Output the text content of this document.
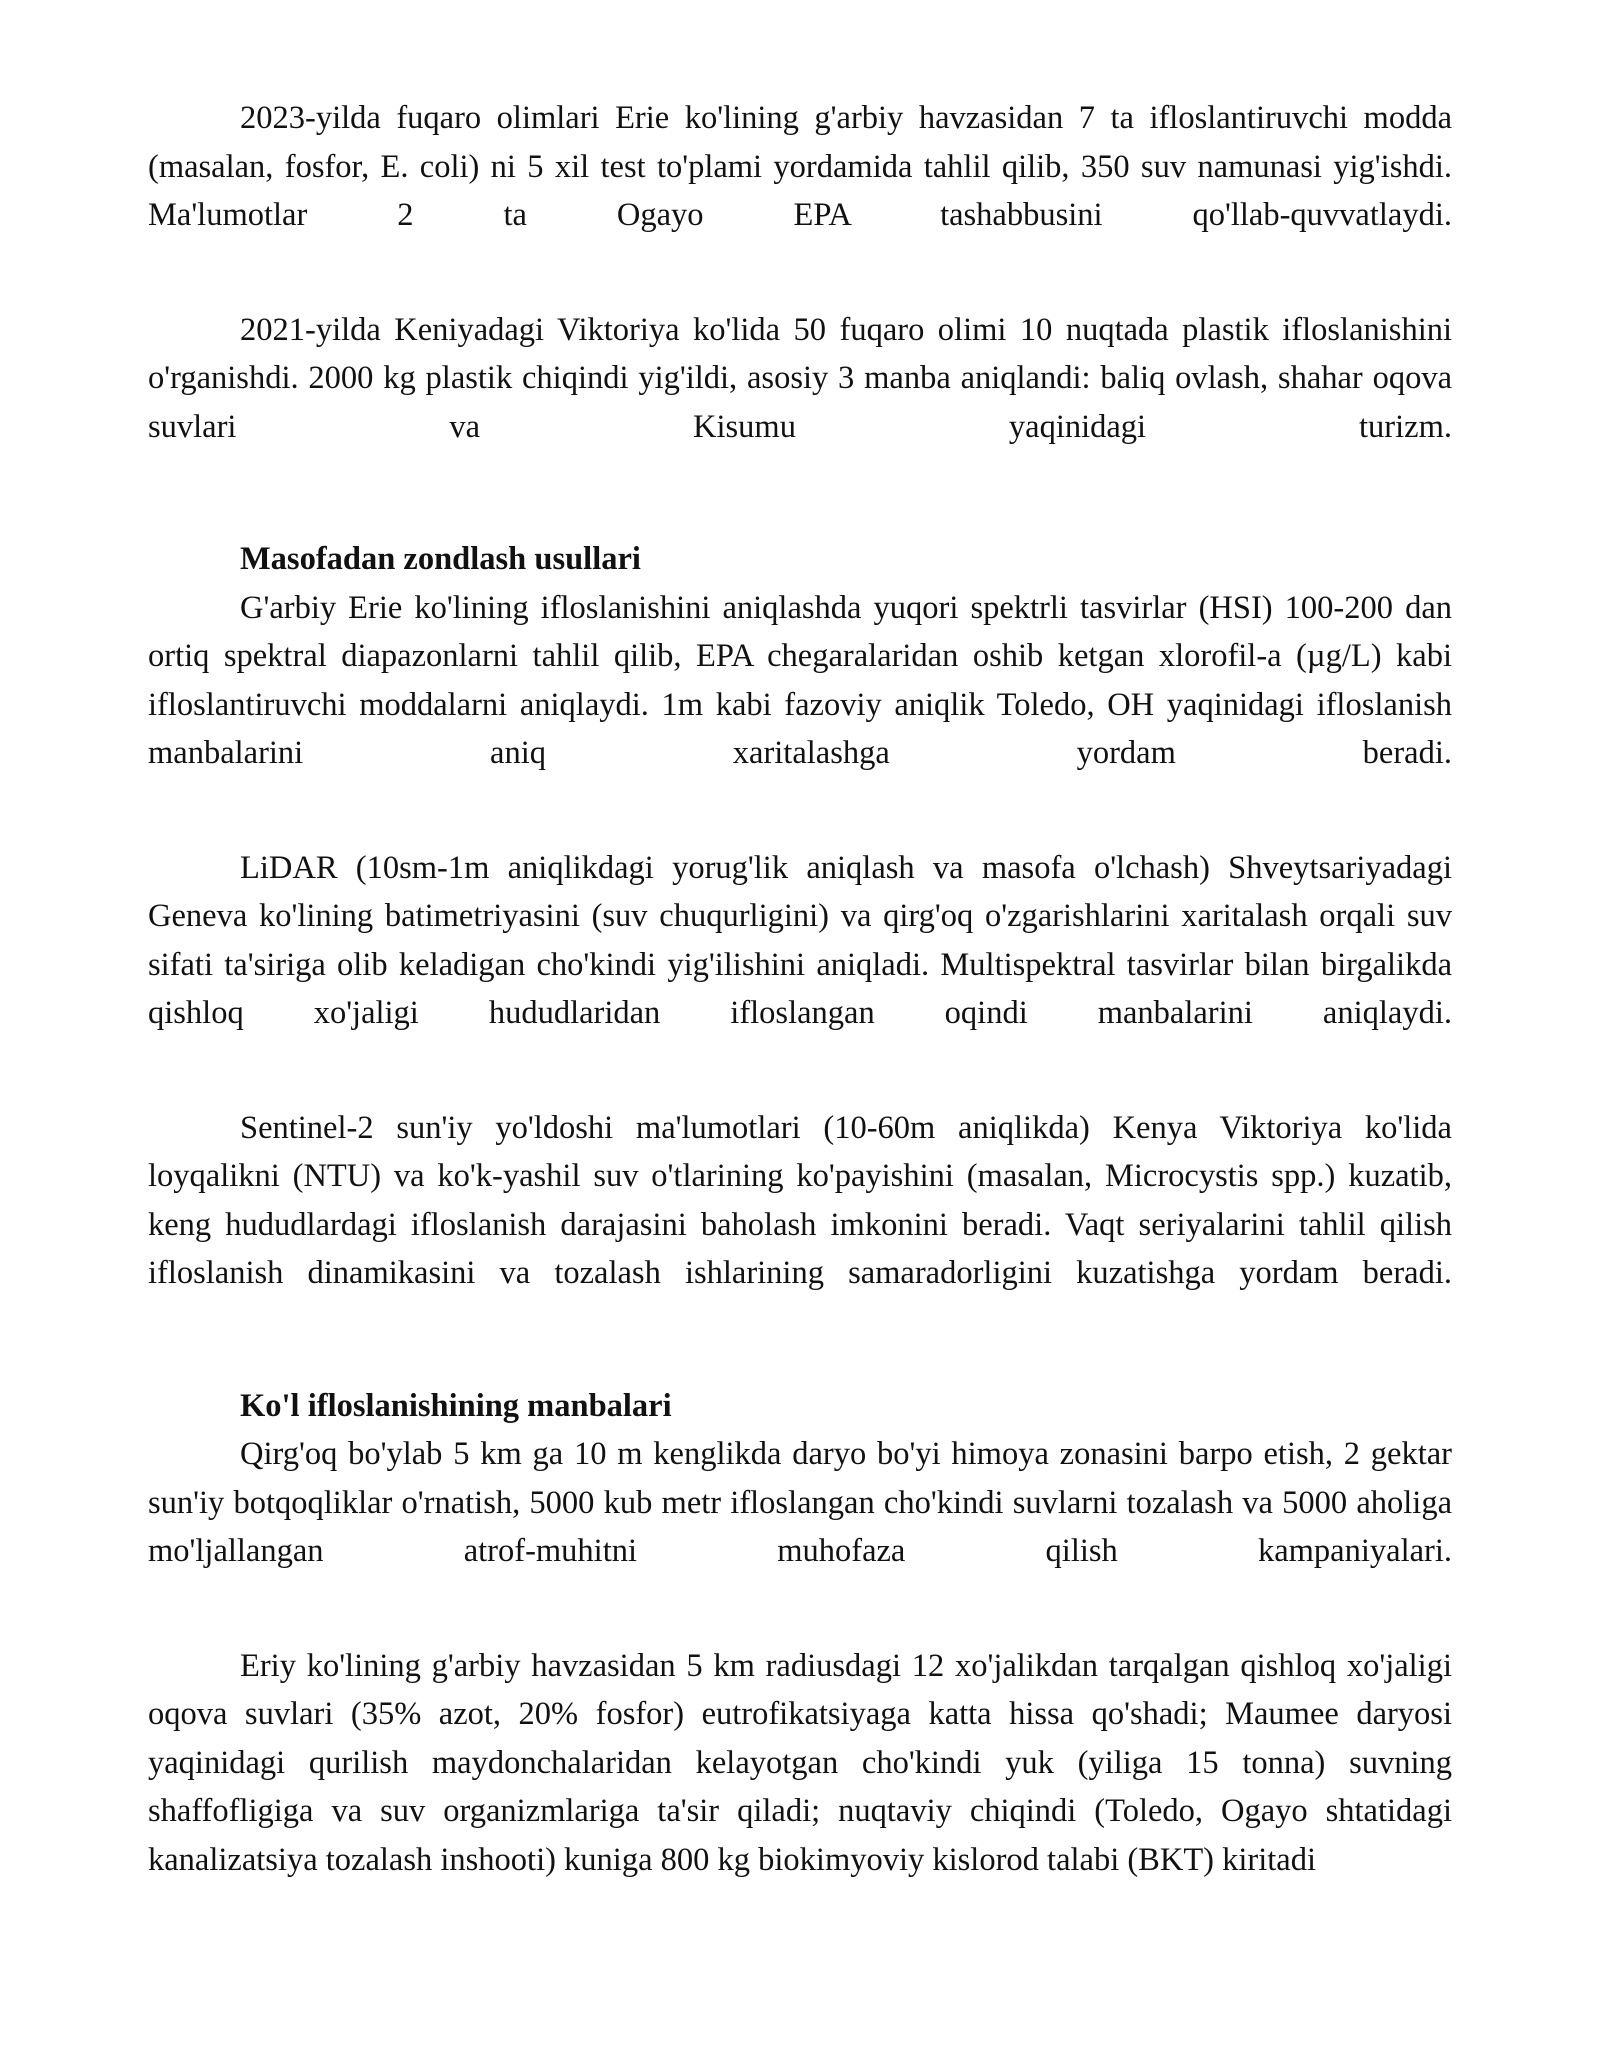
2023-yilda fuqaro olimlari Erie ko'lining g'arbiy havzasidan 7 ta ifloslantiruvchi modda (masalan, fosfor, E. coli) ni 5 xil test to'plami yordamida tahlil qilib, 350 suv namunasi yig'ishdi. Ma'lumotlar 2 ta Ogayo EPA tashabbusini qo'llab-quvvatlaydi.

2021-yilda Keniyadagi Viktoriya ko'lida 50 fuqaro olimi 10 nuqtada plastik ifloslanishini o'rganishdi. 2000 kg plastik chiqindi yig'ildi, asosiy 3 manba aniqlandi: baliq ovlash, shahar oqova suvlari va Kisumu yaqinidagi turizm.

Masofadan zondlash usullari

G'arbiy Erie ko'lining ifloslanishini aniqlashda yuqori spektrli tasvirlar (HSI) 100-200 dan ortiq spektral diapazonlarni tahlil qilib, EPA chegaralaridan oshib ketgan xlorofil-a (µg/L) kabi ifloslantiruvchi moddalarni aniqlaydi. 1m kabi fazoviy aniqlik Toledo, OH yaqinidagi ifloslanish manbalarini aniq xaritalashga yordam beradi.

LiDAR (10sm-1m aniqlikdagi yorug'lik aniqlash va masofa o'lchash) Shveytsariyadagi Geneva ko'lining batimetriyasini (suv chuqurligini) va qirg'oq o'zgarishlarini xaritalash orqali suv sifati ta'siriga olib keladigan cho'kindi yig'ilishini aniqladi. Multispektral tasvirlar bilan birgalikda qishloq xo'jaligi hududlaridan ifloslangan oqindi manbalarini aniqlaydi.

Sentinel-2 sun'iy yo'ldoshi ma'lumotlari (10-60m aniqlikda) Kenya Viktoriya ko'lida loyqalikni (NTU) va ko'k-yashil suv o'tlarining ko'payishini (masalan, Microcystis spp.) kuzatib, keng hududlardagi ifloslanish darajasini baholash imkonini beradi. Vaqt seriyalarini tahlil qilish ifloslanish dinamikasini va tozalash ishlarining samaradorligini kuzatishga yordam beradi.

Ko'l ifloslanishining manbalari

Qirg'oq bo'ylab 5 km ga 10 m kenglikda daryo bo'yi himoya zonasini barpo etish, 2 gektar sun'iy botqoqliklar o'rnatish, 5000 kub metr ifloslangan cho'kindi suvlarni tozalash va 5000 aholiga mo'ljallangan atrof-muhitni muhofaza qilish kampaniyalari.

Eriy ko'lining g'arbiy havzasidan 5 km radiusdagi 12 xo'jalikdan tarqalgan qishloq xo'jaligi oqova suvlari (35% azot, 20% fosfor) eutrofikatsiyaga katta hissa qo'shadi; Maumee daryosi yaqinidagi qurilish maydonchalaridan kelayotgan cho'kindi yuk (yiliga 15 tonna) suvning shaffofligiga va suv organizmlariga ta'sir qiladi; nuqtaviy chiqindi (Toledo, Ogayo shtatidagi kanalizatsiya tozalash inshooti) kuniga 800 kg biokimyoviy kislorod talabi (BKT) kiritadi
